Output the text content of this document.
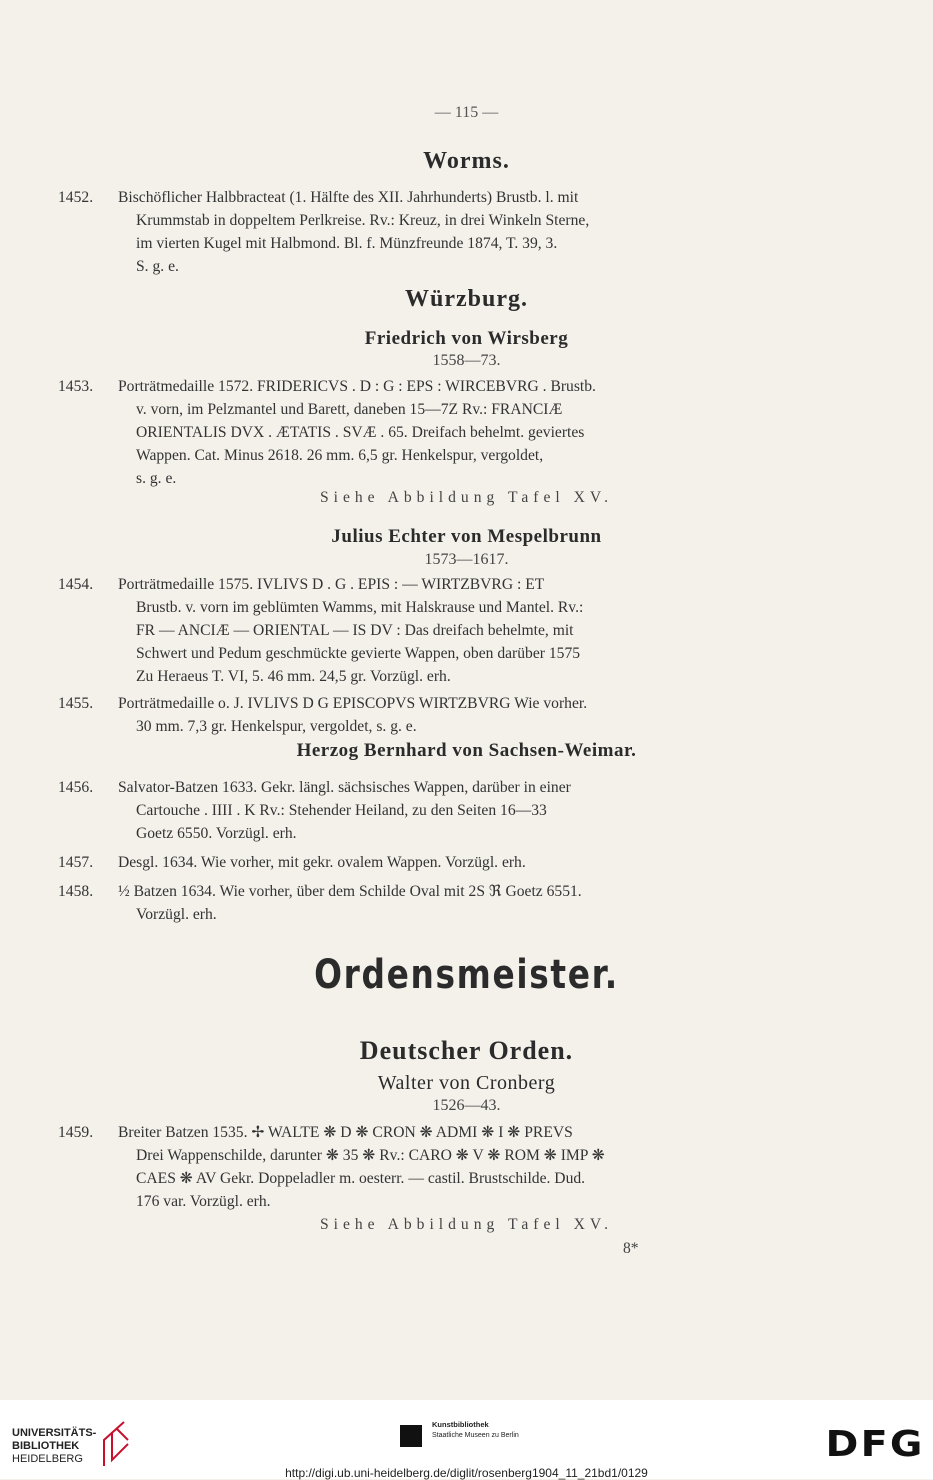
— 115 —
Worms.
1452.	Bischöflicher Halbbracteat (1. Hälfte des XII. Jahrhunderts) Brustb. l. mit
Krummstab in doppeltem Perlkreise. Rv.: Kreuz, in drei Winkeln Sterne,
im vierten Kugel mit Halbmond. Bl. f. Münzfreunde 1874, T. 39, 3.
S. g. e.
Würzburg.
Friedrich von Wirsberg
1558—73.
1453.	Porträtmedaille 1572. FRIDERICVS . D : G : EPS : WIRCEBVRG . Brustb.
v. vorn, im Pelzmantel und Barett, daneben 15—7Z Rv.: FRANCIÆ
ORIENTALIS DVX . ÆTATIS . SVÆ . 65. Dreifach behelmt. geviertes
Wappen. Cat. Minus 2618. 26 mm. 6,5 gr. Henkelspur, vergoldet,
s. g. e.
Siehe Abbildung Tafel XV.
Julius Echter von Mespelbrunn
1573—1617.
1454.	Porträtmedaille 1575. IVLIVS D . G . EPIS : — WIRTZBVRG : ET
Brustb. v. vorn im geblümten Wamms, mit Halskrause und Mantel. Rv.:
FR — ANCIÆ — ORIENTAL — IS DV : Das dreifach behelmte, mit
Schwert und Pedum geschmückte gevierte Wappen, oben darüber 1575
Zu Heraeus T. VI, 5. 46 mm. 24,5 gr. Vorzügl. erh.
1455.	Porträtmedaille o. J. IVLIVS D G EPISCOPVS WIRTZBVRG Wie vorher.
30 mm. 7,3 gr. Henkelspur, vergoldet, s. g. e.
Herzog Bernhard von Sachsen-Weimar.
1456.	Salvator-Batzen 1633. Gekr. längl. sächsisches Wappen, darüber in einer
Cartouche . IIII . K Rv.: Stehender Heiland, zu den Seiten 16—33
Goetz 6550. Vorzügl. erh.
1457.	Desgl. 1634. Wie vorher, mit gekr. ovalem Wappen. Vorzügl. erh.
1458.	½ Batzen 1634. Wie vorher, über dem Schilde Oval mit 2S ℜ Goetz 6551.
Vorzügl. erh.
Ordensmeister.
Deutscher Orden.
Walter von Cronberg
1526—43.
1459.	Breiter Batzen 1535. ✢ WALTE ❋ D ❋ CRON ❋ ADMI ❋ I ❋ PREVS
Drei Wappenschilde, darunter ❋ 35 ❋ Rv.: CARO ❋ V ❋ ROM ❋ IMP ❋
CAES ❋ AV Gekr. Doppeladler m. oesterr. — castil. Brustschilde. Dud.
176 var. Vorzügl. erh.
Siehe Abbildung Tafel XV.
8*
UNIVERSITÄTS-
BIBLIOTHEK
HEIDELBERG
Kunstbibliothek
Staatliche Museen zu Berlin	DFG
http://digi.ub.uni-heidelberg.de/diglit/rosenberg1904_11_21bd1/0129
